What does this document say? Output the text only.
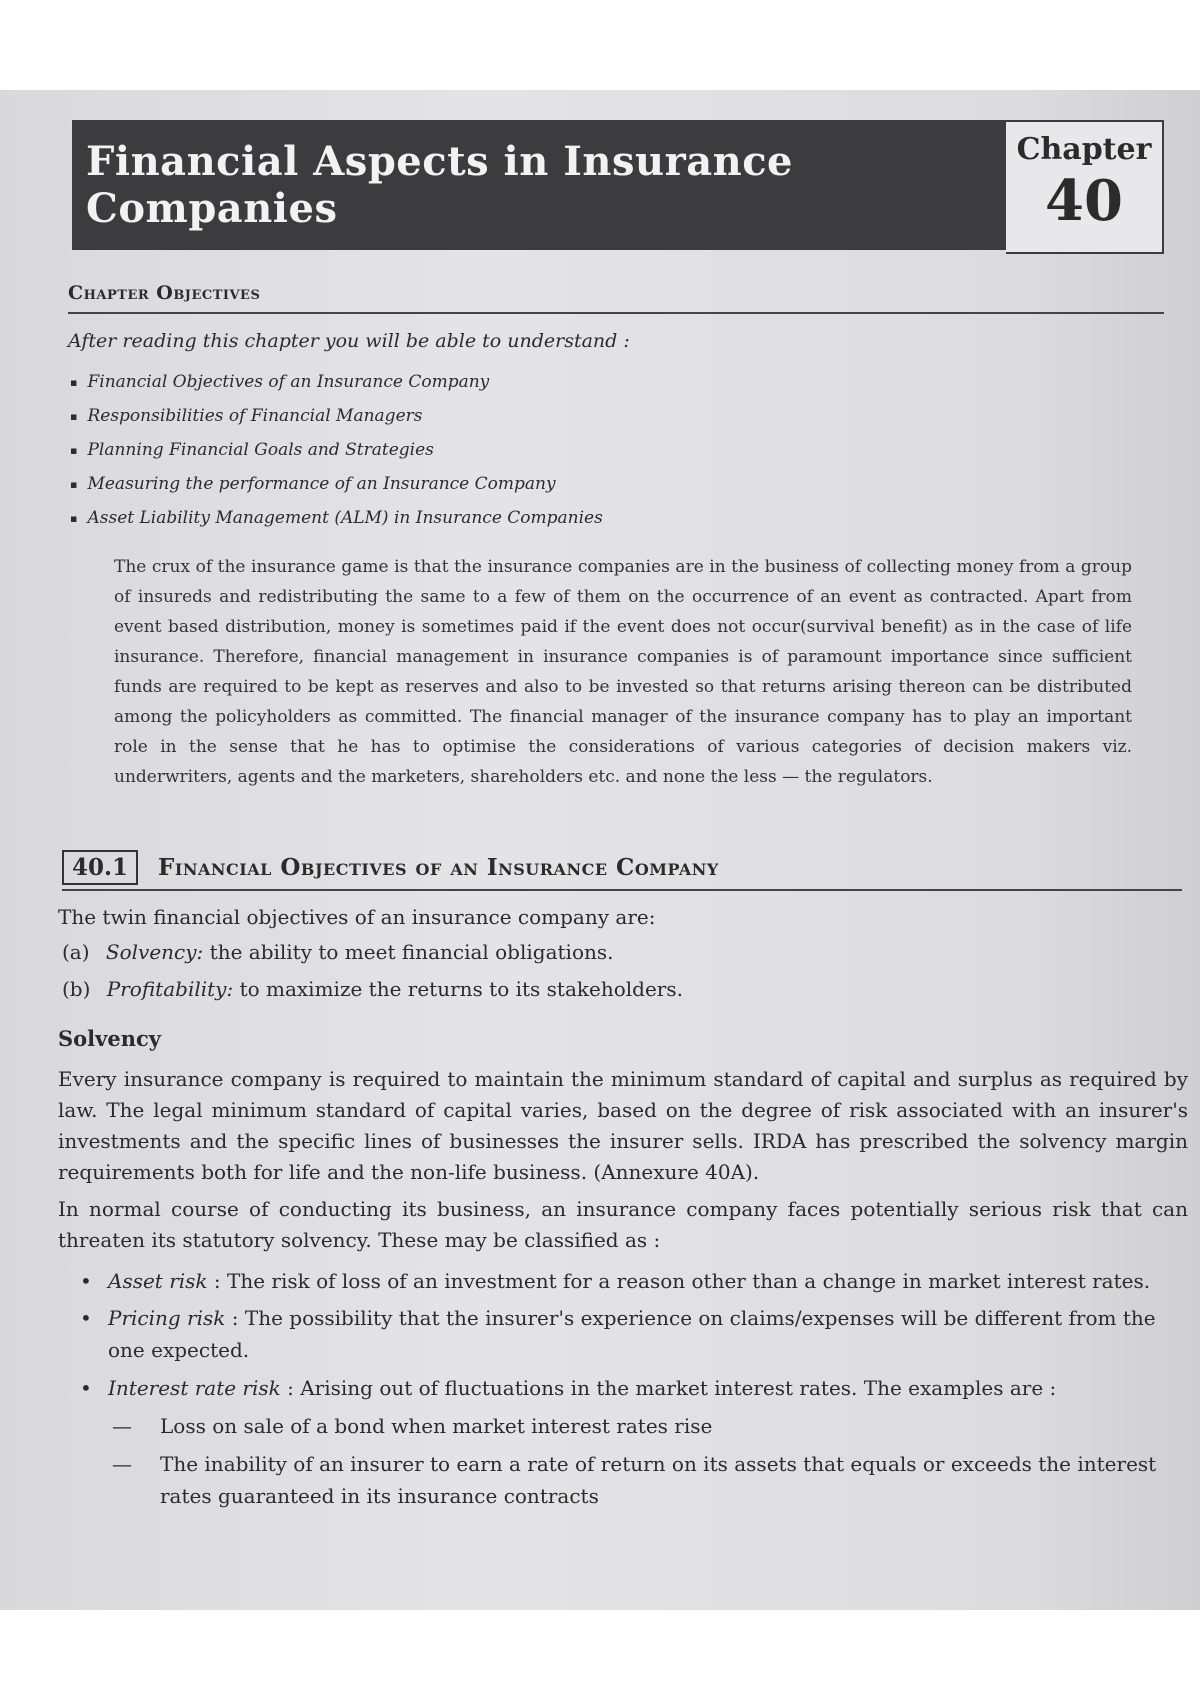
Financial Aspects in Insurance Companies
Chapter
40
Chapter Objectives
After reading this chapter you will be able to understand :
▪ Financial Objectives of an Insurance Company
▪ Responsibilities of Financial Managers
▪ Planning Financial Goals and Strategies
▪ Measuring the performance of an Insurance Company
▪ Asset Liability Management (ALM) in Insurance Companies
The crux of the insurance game is that the insurance companies are in the business of collecting money from a group of insureds and redistributing the same to a few of them on the occurrence of an event as contracted. Apart from event based distribution, money is sometimes paid if the event does not occur(survival benefit) as in the case of life insurance. Therefore, financial management in insurance companies is of paramount importance since sufficient funds are required to be kept as reserves and also to be invested so that returns arising thereon can be distributed among the policyholders as committed. The financial manager of the insurance company has to play an important role in the sense that he has to optimise the considerations of various categories of decision makers viz. underwriters, agents and the marketers, shareholders etc. and none the less — the regulators.
40.1	Financial Objectives of an Insurance Company
The twin financial objectives of an insurance company are:
(a) Solvency: the ability to meet financial obligations.
(b) Profitability: to maximize the returns to its stakeholders.
Solvency
Every insurance company is required to maintain the minimum standard of capital and surplus as required by law. The legal minimum standard of capital varies, based on the degree of risk associated with an insurer's investments and the specific lines of businesses the insurer sells. IRDA has prescribed the solvency margin requirements both for life and the non-life business. (Annexure 40A).
In normal course of conducting its business, an insurance company faces potentially serious risk that can threaten its statutory solvency. These may be classified as :
• Asset risk : The risk of loss of an investment for a reason other than a change in market interest rates.
• Pricing risk : The possibility that the insurer's experience on claims/expenses will be different from the one expected.
• Interest rate risk : Arising out of fluctuations in the market interest rates. The examples are :
— Loss on sale of a bond when market interest rates rise
— The inability of an insurer to earn a rate of return on its assets that equals or exceeds the interest rates guaranteed in its insurance contracts
